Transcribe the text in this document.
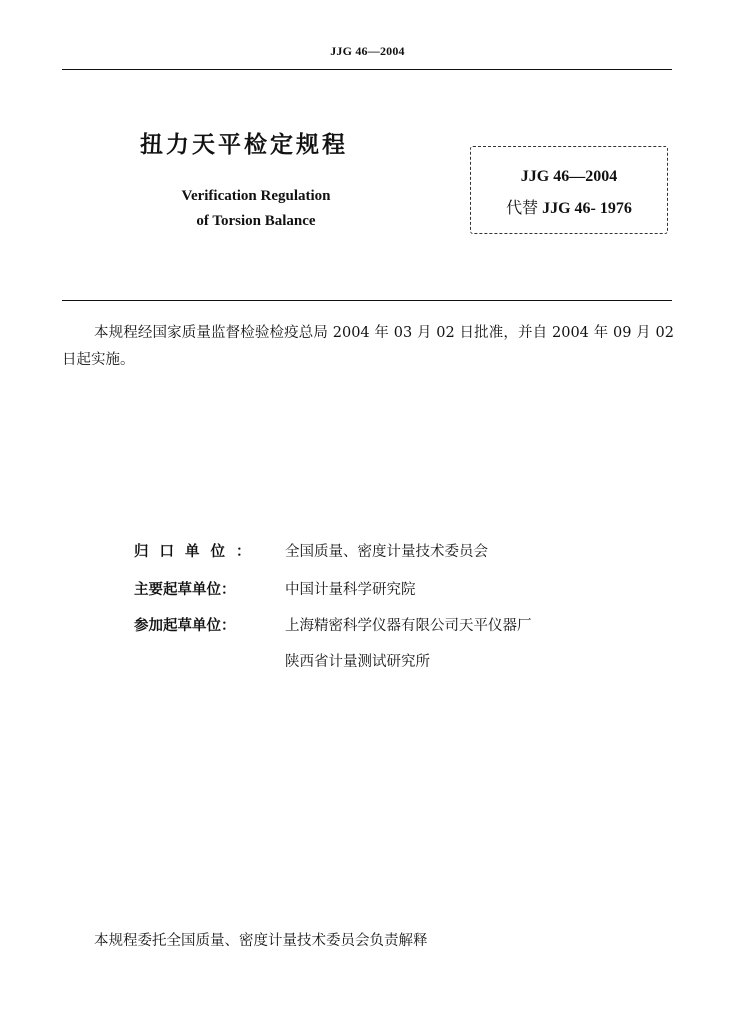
JJG 46—2004
扭力天平检定规程
Verification Regulation
of Torsion Balance
JJG 46—2004
代替 JJG 46- 1976
本规程经国家质量监督检验检疫总局 2004 年 03 月 02 日批准，并自 2004 年 09 月 02 日起实施。
归口单位： 全国质量、密度计量技术委员会
主要起草单位：	中国计量科学研究院
参加起草单位：	上海精密科学仪器有限公司天平仪器厂
陕西省计量测试研究所
本规程委托全国质量、密度计量技术委员会负责解释
